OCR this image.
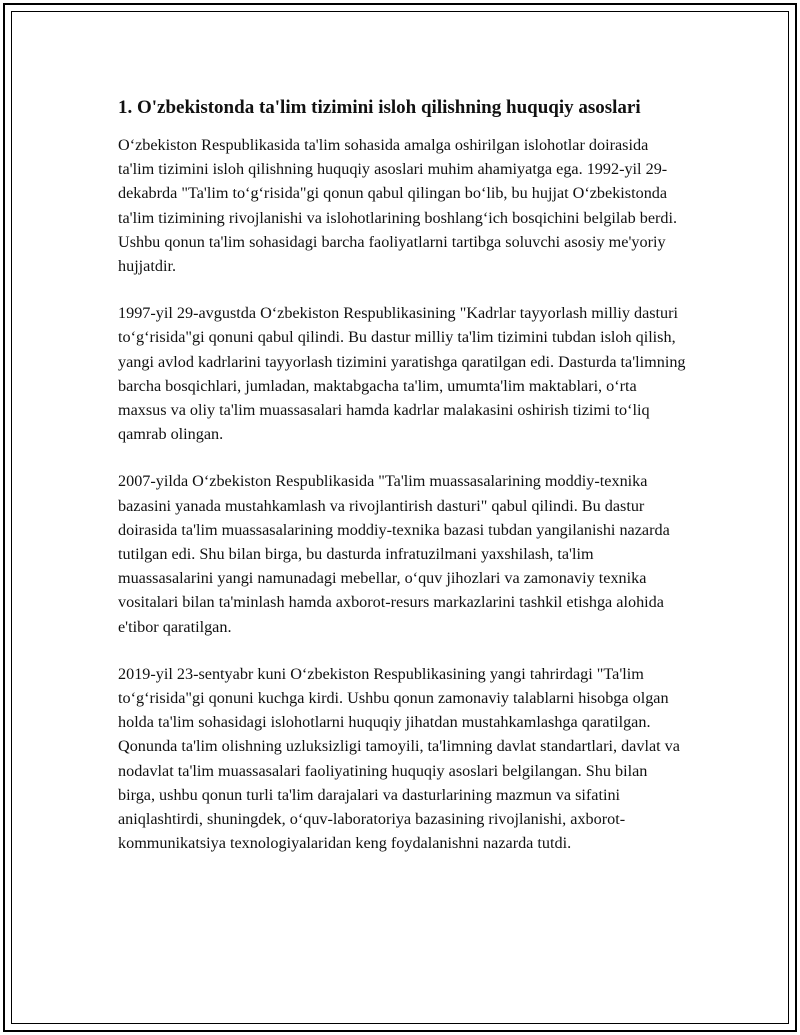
1. O'zbekistonda ta'lim tizimini isloh qilishning huquqiy asoslari

O‘zbekiston Respublikasida ta'lim sohasida amalga oshirilgan islohotlar doirasida ta'lim tizimini isloh qilishning huquqiy asoslari muhim ahamiyatga ega. 1992-yil 29-dekabrda "Ta'lim to‘g‘risida"gi qonun qabul qilingan bo‘lib, bu hujjat O‘zbekistonda ta'lim tizimining rivojlanishi va islohotlarining boshlang‘ich bosqichini belgilab berdi. Ushbu qonun ta'lim sohasidagi barcha faoliyatlarni tartibga soluvchi asosiy me'yoriy hujjatdir.

1997-yil 29-avgustda O‘zbekiston Respublikasining "Kadrlar tayyorlash milliy dasturi to‘g‘risida"gi qonuni qabul qilindi. Bu dastur milliy ta'lim tizimini tubdan isloh qilish, yangi avlod kadrlarini tayyorlash tizimini yaratishga qaratilgan edi. Dasturda ta'limning barcha bosqichlari, jumladan, maktabgacha ta'lim, umumta'lim maktablari, o‘rta maxsus va oliy ta'lim muassasalari hamda kadrlar malakasini oshirish tizimi to‘liq qamrab olingan.

2007-yilda O‘zbekiston Respublikasida "Ta'lim muassasalarining moddiy-texnika bazasini yanada mustahkamlash va rivojlantirish dasturi" qabul qilindi. Bu dastur doirasida ta'lim muassasalarining moddiy-texnika bazasi tubdan yangilanishi nazarda tutilgan edi. Shu bilan birga, bu dasturda infratuzilmani yaxshilash, ta'lim muassasalarini yangi namunadagi mebellar, o‘quv jihozlari va zamonaviy texnika vositalari bilan ta'minlash hamda axborot-resurs markazlarini tashkil etishga alohida e'tibor qaratilgan.

2019-yil 23-sentyabr kuni O‘zbekiston Respublikasining yangi tahrirdagi "Ta'lim to‘g‘risida"gi qonuni kuchga kirdi. Ushbu qonun zamonaviy talablarni hisobga olgan holda ta'lim sohasidagi islohotlarni huquqiy jihatdan mustahkamlashga qaratilgan. Qonunda ta'lim olishning uzluksizligi tamoyili, ta'limning davlat standartlari, davlat va nodavlat ta'lim muassasalari faoliyatining huquqiy asoslari belgilangan. Shu bilan birga, ushbu qonun turli ta'lim darajalari va dasturlarining mazmun va sifatini aniqlashtirdi, shuningdek, o‘quv-laboratoriya bazasining rivojlanishi, axborot-kommunikatsiya texnologiyalaridan keng foydalanishni nazarda tutdi.
